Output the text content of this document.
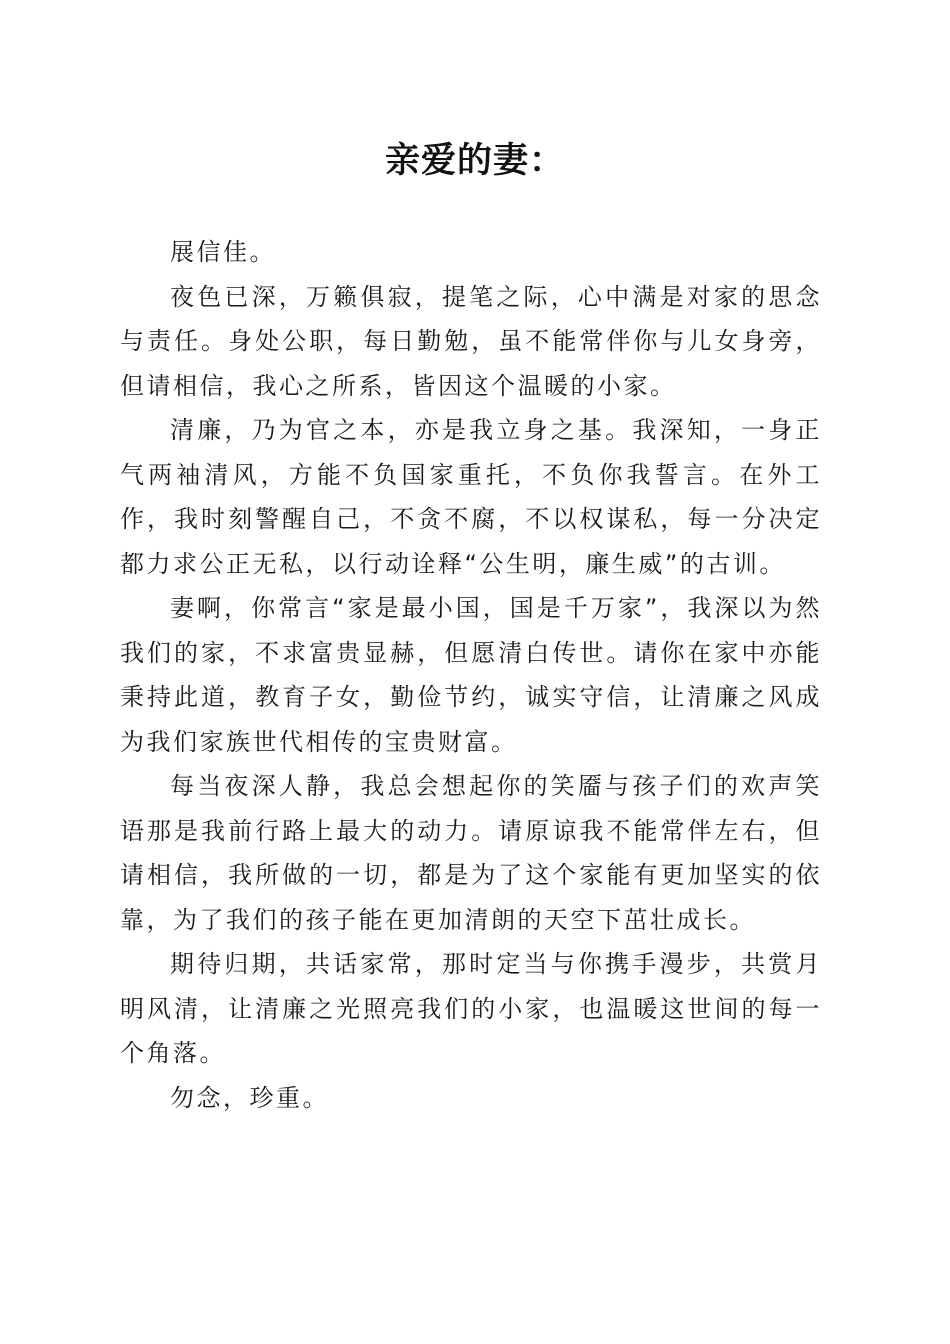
亲爱的妻：

展信佳。

夜色已深，万籁俱寂，提笔之际，心中满是对家的思念与责任。身处公职，每日勤勉，虽不能常伴你与儿女身旁，但请相信，我心之所系，皆因这个温暖的小家。

清廉，乃为官之本，亦是我立身之基。我深知，一身正气两袖清风，方能不负国家重托，不负你我誓言。在外工作，我时刻警醒自己，不贪不腐，不以权谋私，每一分决定都力求公正无私，以行动诠释“公生明，廉生威”的古训。

妻啊，你常言“家是最小国，国是千万家”，我深以为然我们的家，不求富贵显赫，但愿清白传世。请你在家中亦能秉持此道，教育子女，勤俭节约，诚实守信，让清廉之风成为我们家族世代相传的宝贵财富。

每当夜深人静，我总会想起你的笑靥与孩子们的欢声笑语那是我前行路上最大的动力。请原谅我不能常伴左右，但请相信，我所做的一切，都是为了这个家能有更加坚实的依靠，为了我们的孩子能在更加清朗的天空下茁壮成长。

期待归期，共话家常，那时定当与你携手漫步，共赏月明风清，让清廉之光照亮我们的小家，也温暖这世间的每一个角落。

勿念，珍重。
